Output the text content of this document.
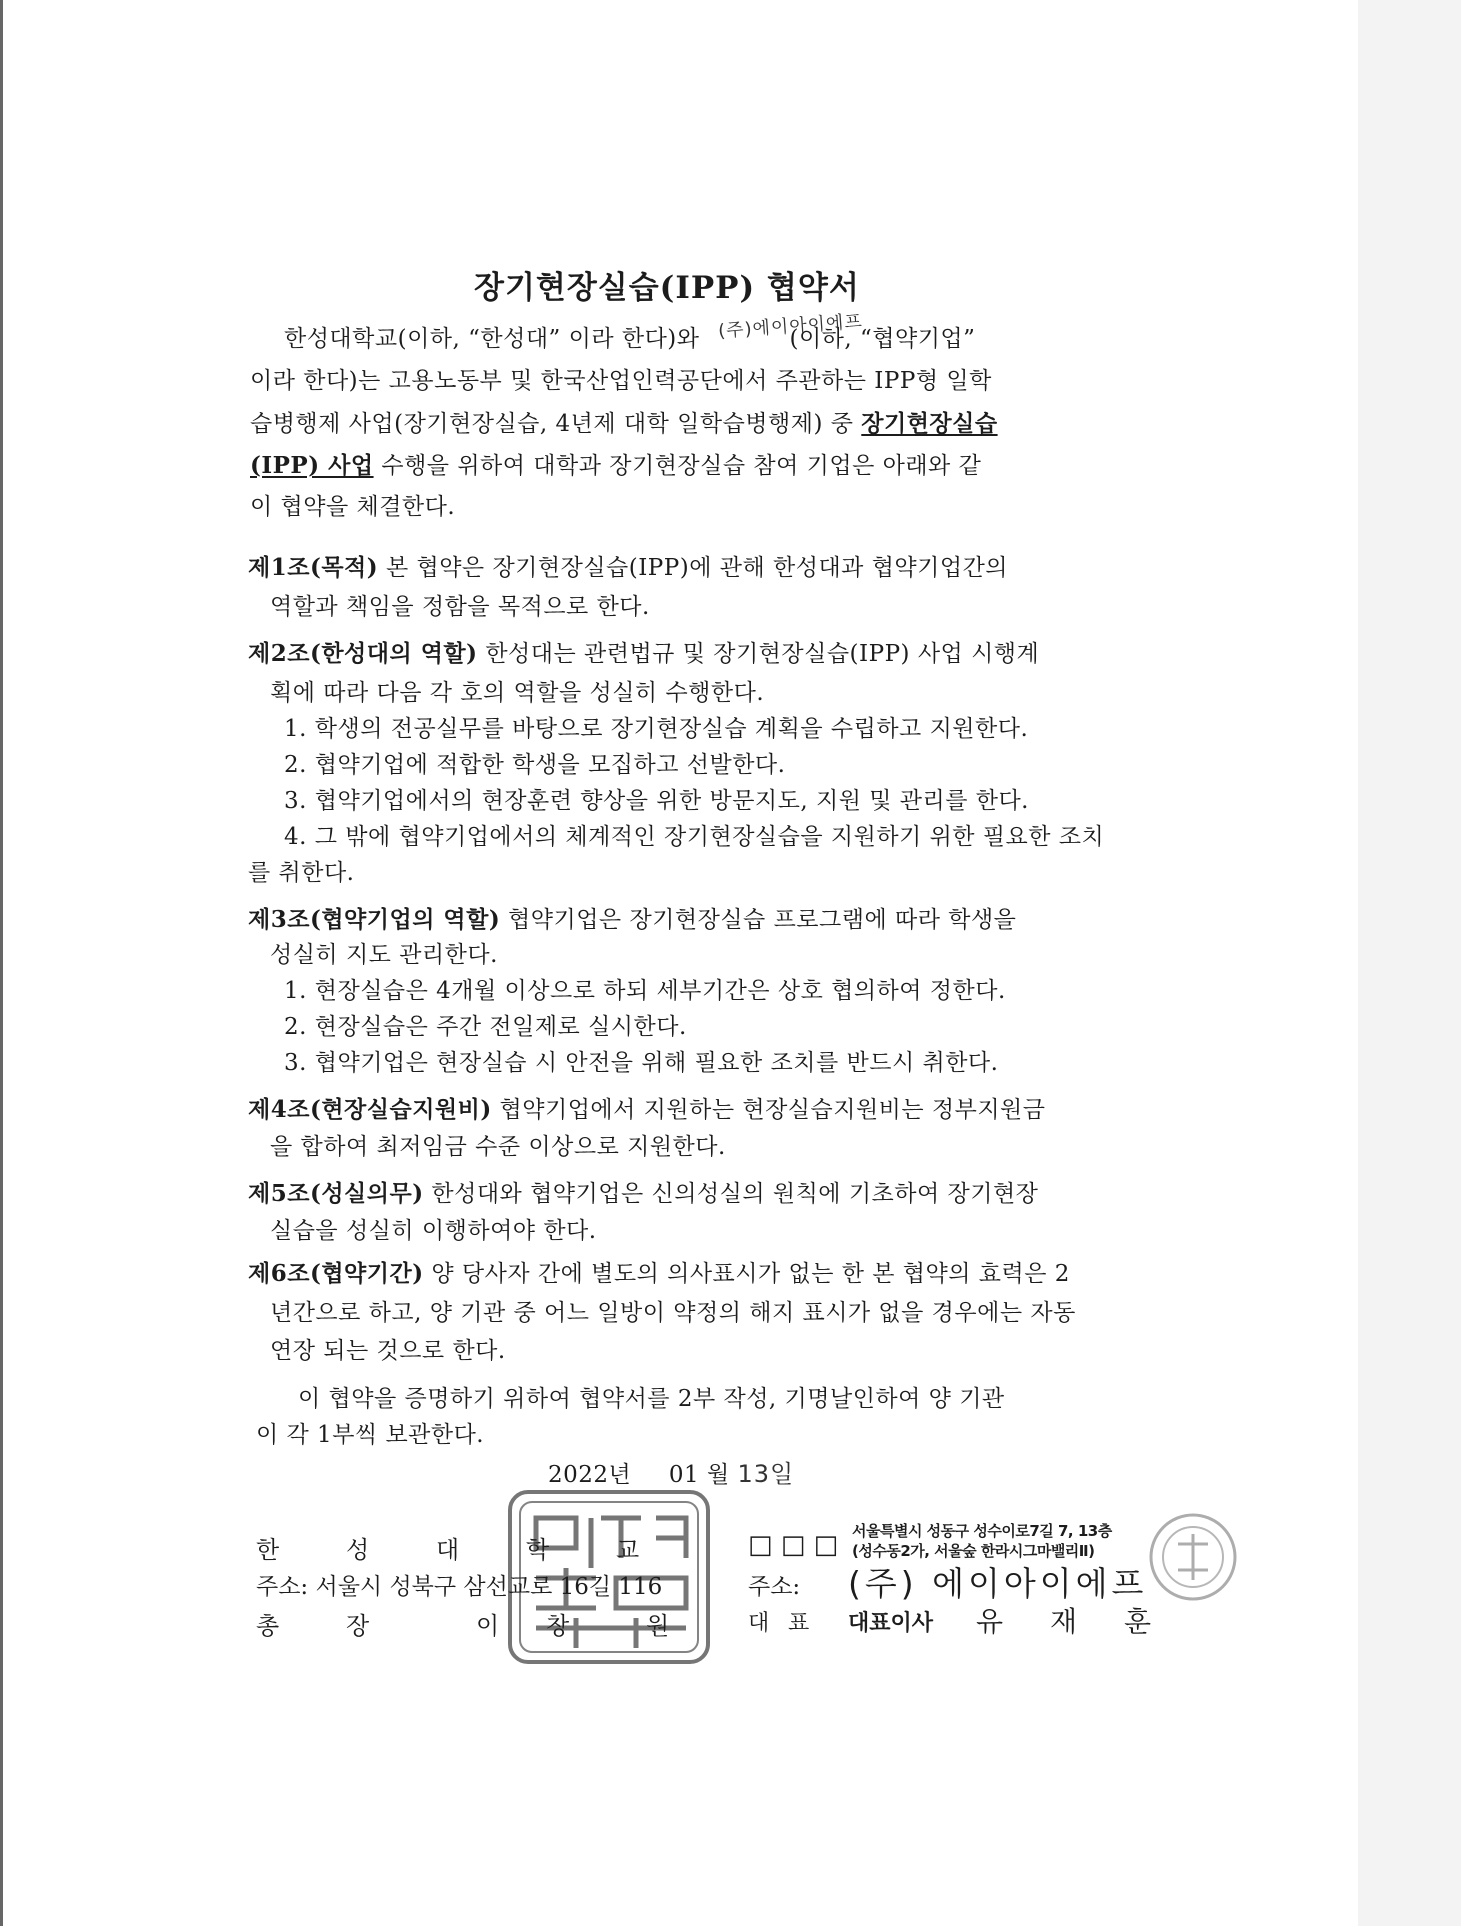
장기현장실습(IPP) 협약서
한성대학교(이하, “한성대” 이라 한다)와	(이하, “협약기업”
(주)에이아이에프
이라 한다)는 고용노동부 및 한국산업인력공단에서 주관하는 IPP형 일학
습병행제 사업(장기현장실습, 4년제 대학 일학습병행제) 중 장기현장실습
(IPP) 사업 수행을 위하여 대학과 장기현장실습 참여 기업은 아래와 같
이 협약을 체결한다.
제1조(목적) 본 협약은 장기현장실습(IPP)에 관해 한성대과 협약기업간의
역할과 책임을 정함을 목적으로 한다.
제2조(한성대의 역할) 한성대는 관련법규 및 장기현장실습(IPP) 사업 시행계
획에 따라 다음 각 호의 역할을 성실히 수행한다.
1. 학생의 전공실무를 바탕으로 장기현장실습 계획을 수립하고 지원한다.
2. 협약기업에 적합한 학생을 모집하고 선발한다.
3. 협약기업에서의 현장훈련 향상을 위한 방문지도, 지원 및 관리를 한다.
4. 그 밖에 협약기업에서의 체계적인 장기현장실습을 지원하기 위한 필요한 조치
를 취한다.
제3조(협약기업의 역할) 협약기업은 장기현장실습 프로그램에 따라 학생을
성실히 지도 관리한다.
1. 현장실습은 4개월 이상으로 하되 세부기간은 상호 협의하여 정한다.
2. 현장실습은 주간 전일제로 실시한다.
3. 협약기업은 현장실습 시 안전을 위해 필요한 조치를 반드시 취한다.
제4조(현장실습지원비) 협약기업에서 지원하는 현장실습지원비는 정부지원금
을 합하여 최저임금 수준 이상으로 지원한다.
제5조(성실의무) 한성대와 협약기업은 신의성실의 원칙에 기초하여 장기현장
실습을 성실히 이행하여야 한다.
제6조(협약기간) 양 당사자 간에 별도의 의사표시가 없는 한 본 협약의 효력은 2
년간으로 하고, 양 기관 중 어느 일방이 약정의 해지 표시가 없을 경우에는 자동
연장 되는 것으로 한다.
이 협약을 증명하기 위하여 협약서를 2부 작성, 기명날인하여 양 기관
이 각 1부씩 보관한다.
2022년 01 월 13일
한	성	대	학	교
주소: 서울시 성북구 삼선교로 16길 116
총	장	이 창	원
□ □ □ 서울특별시 성동구 성수이로7길 7, 13층
(성수동2가, 서울숲 한라시그마밸리Ⅱ)
주소: (주) 에이아이에프
대 표	대표이사 유 재 훈
